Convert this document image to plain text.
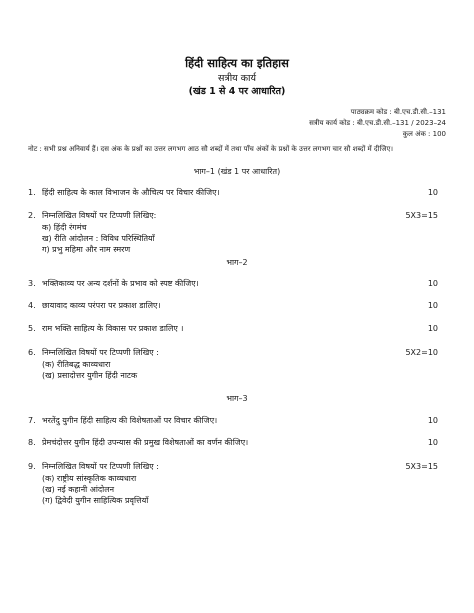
हिंदी साहित्य का इतिहास
सत्रीय कार्य
(खंड 1 से 4 पर आधारित)
पाठ्यक्रम कोड : बी.एच.डी.सी.–131
सत्रीय कार्य कोड : बी.एच.डी.सी.–131 / 2023–24
कुल अंक : 100
नोट : सभी प्रश्न अनिवार्य हैं। दस अंक के प्रश्नों का उत्तर लगभग आठ सौ शब्दों में तथा पाँच अंकों के प्रश्नों के उत्तर लगभग चार सौ शब्दों में दीजिए।
भाग–1 (खंड 1 पर आधारित)
1. हिंदी साहित्य के काल विभाजन के औचित्य पर विचार कीजिए।	10
2. निम्नलिखित विषयों पर टिप्पणी लिखिए:	5X3=15
क) हिंदी रंगमंच
ख) रीति आंदोलन : विविध परिस्थितियाँ
ग) प्रभु महिमा और नाम स्मरण
भाग–2
3. भक्तिकाव्य पर अन्य दर्शनों के प्रभाव को स्पष्ट कीजिए।	10
4. छायावाद काव्य परंपरा पर प्रकाश डालिए।	10
5. राम भक्ति साहित्य के विकास पर प्रकाश डालिए ।	10
6. निम्नलिखित विषयों पर टिप्पणी लिखिए :	5X2=10
(क) रीतिबद्ध काव्यधारा
(ख) प्रसादोत्तर युगीन हिंदी नाटक
भाग–3
7. भरतेंदु युगीन हिंदी साहित्य की विशेषताओं पर विचार कीजिए।	10
8. प्रेमचंदोत्तर युगीन हिंदी उपन्यास की प्रमुख विशेषताओं का वर्णन कीजिए।	10
9. निम्नलिखित विषयों पर टिप्पणी लिखिए :	5X3=15
(क) राष्ट्रीय सांस्कृतिक काव्यधारा
(ख) नई कहानी आंदोलन
(ग) द्विवेदी युगीन साहित्यिक प्रवृत्तियाँ
